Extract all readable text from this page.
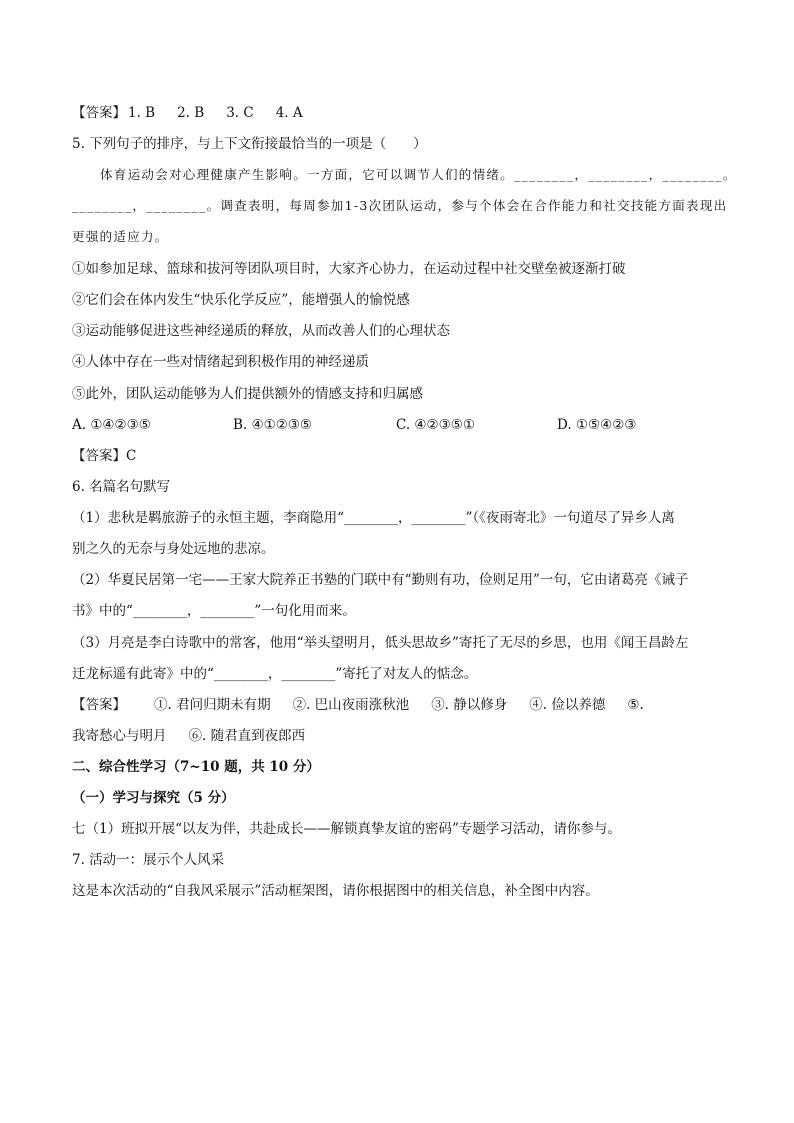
【答案】 1. B 2. B 3. C 4. A
5. 下列句子的排序，与上下文衔接最恰当的一项是（　　）
体育运动会对心理健康产生影响。一方面，它可以调节人们的情绪。________，________，________。
________，________。调查表明，每周参加1-3次团队运动，参与个体会在合作能力和社交技能方面表现出
更强的适应力。
①如参加足球、篮球和拔河等团队项目时，大家齐心协力，在运动过程中社交壁垒被逐渐打破
②它们会在体内发生“快乐化学反应”，能增强人的愉悦感
③运动能够促进这些神经递质的释放，从而改善人们的心理状态
④人体中存在一些对情绪起到积极作用的神经递质
⑤此外，团队运动能够为人们提供额外的情感支持和归属感
A. ①④②③⑤	B. ④①②③⑤	C. ④②③⑤①	D. ①⑤④②③
【答案】C
6. 名篇名句默写
（1）悲秋是羁旅游子的永恒主题，李商隐用“________，________”（《夜雨寄北》一句道尽了异乡人离
别之久的无奈与身处远地的悲凉。
（2）华夏民居第一宅——王家大院养正书塾的门联中有“勤则有功，俭则足用”一句，它由诸葛亮《诫子
书》中的“________，________”一句化用而来。
（3）月亮是李白诗歌中的常客，他用“举头望明月，低头思故乡”寄托了无尽的乡思，也用《闻王昌龄左
迁龙标遥有此寄》中的“________，________”寄托了对友人的惦念。
【答案】 ①. 君问归期未有期 ②. 巴山夜雨涨秋池 ③. 静以修身 ④. 俭以养德 ⑤.
我寄愁心与明月 ⑥. 随君直到夜郎西
二、综合性学习（7~10 题，共 10 分）
（一）学习与探究（5 分）
七（1）班拟开展“以友为伴，共赴成长——解锁真挚友谊的密码”专题学习活动，请你参与。
7. 活动一：展示个人风采
这是本次活动的“自我风采展示”活动框架图，请你根据图中的相关信息，补全图中内容。
